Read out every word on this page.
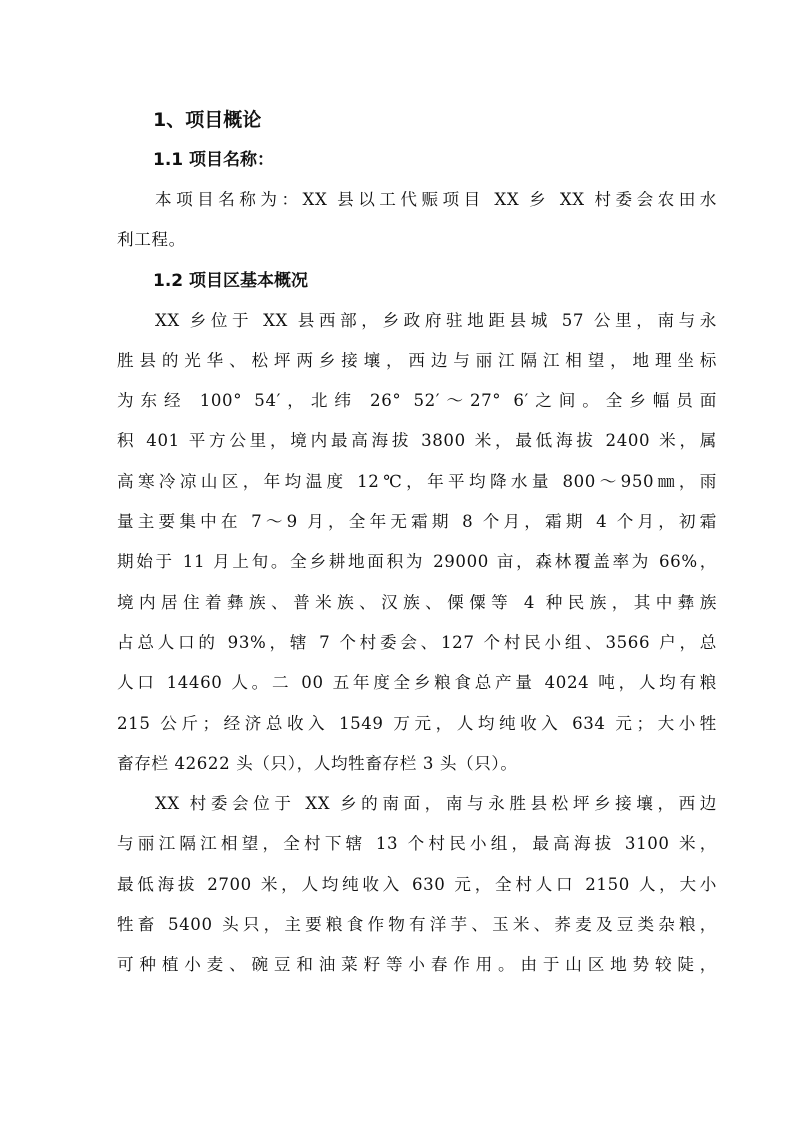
1、项目概论
1.1 项目名称：

本项目名称为：XX 县以工代赈项目 XX 乡 XX 村委会农田水
利工程。

1.2 项目区基本概况

XX 乡位于 XX 县西部，乡政府驻地距县城 57 公里，南与永
胜县的光华、松坪两乡接壤，西边与丽江隔江相望，地理坐标
为东经 100° 54′，北纬 26° 52′～27° 6′之间。全乡幅员面
积 401 平方公里，境内最高海拔 3800 米，最低海拔 2400 米，属
高寒冷凉山区，年均温度 12℃，年平均降水量 800～950㎜，雨
量主要集中在 7～9 月，全年无霜期 8 个月，霜期 4 个月，初霜
期始于 11 月上旬。全乡耕地面积为 29000 亩，森林覆盖率为 66%，
境内居住着彝族、普米族、汉族、傈僳等 4 种民族，其中彝族
占总人口的 93%，辖 7 个村委会、127 个村民小组、3566 户，总
人口 14460 人。二 00 五年度全乡粮食总产量 4024 吨，人均有粮
215 公斤；经济总收入 1549 万元，人均纯收入 634 元；大小牲
畜存栏 42622 头（只），人均牲畜存栏 3 头（只）。

XX 村委会位于 XX 乡的南面，南与永胜县松坪乡接壤，西边
与丽江隔江相望，全村下辖 13 个村民小组，最高海拔 3100 米，
最低海拔 2700 米，人均纯收入 630 元，全村人口 2150 人，大小
牲畜 5400 头只，主要粮食作物有洋芋、玉米、荞麦及豆类杂粮，
可种植小麦、碗豆和油菜籽等小春作用。由于山区地势较陡，
